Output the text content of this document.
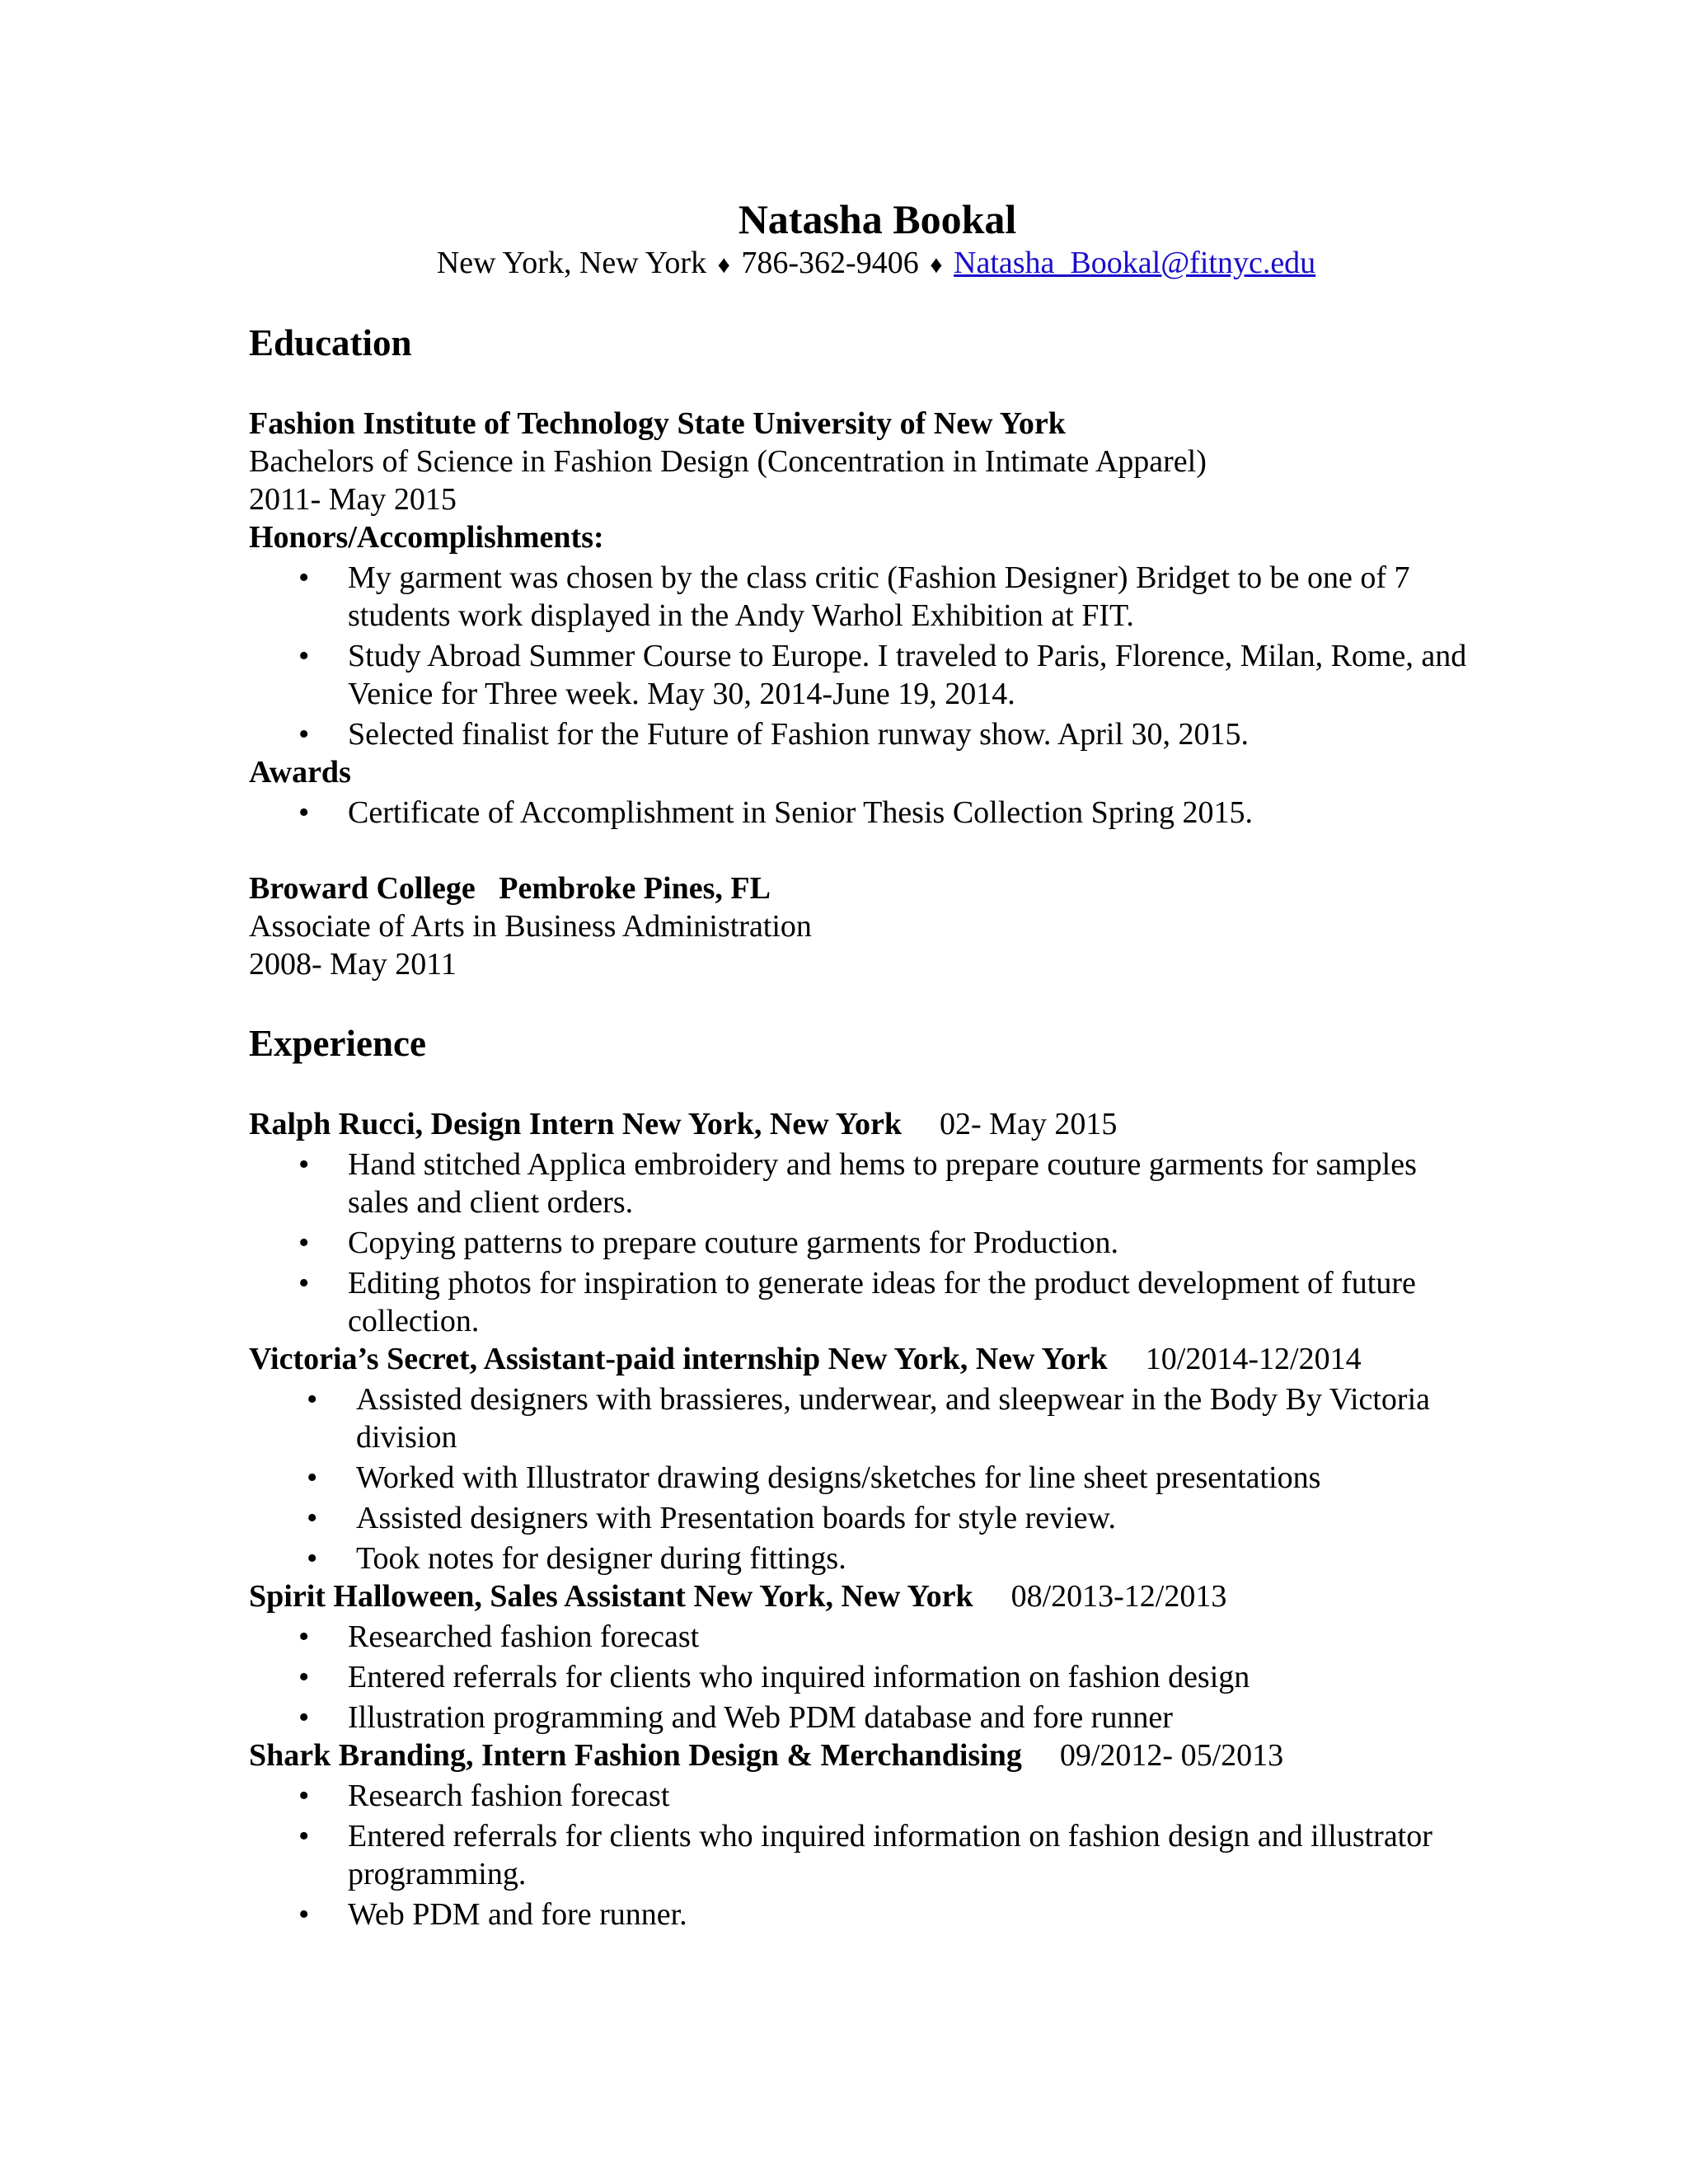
Natasha Bookal

New York, New York ♦ 786-362-9406 ♦ Natasha_Bookal@fitnyc.edu

Education

Fashion Institute of Technology State University of New York

Bachelors of Science in Fashion Design (Concentration in Intimate Apparel)

2011- May 2015

Honors/Accomplishments:

• My garment was chosen by the class critic (Fashion Designer) Bridget to be one of 7 students work displayed in the Andy Warhol Exhibition at FIT.
• Study Abroad Summer Course to Europe. I traveled to Paris, Florence, Milan, Rome, and Venice for Three week. May 30, 2014-June 19, 2014.
• Selected finalist for the Future of Fashion runway show. April 30, 2015.

Awards

• Certificate of Accomplishment in Senior Thesis Collection Spring 2015.

Broward College   Pembroke Pines, FL

Associate of Arts in Business Administration

2008- May 2011

Experience

Ralph Rucci, Design Intern New York, New York 02- May 2015

• Hand stitched Applica embroidery and hems to prepare couture garments for samples sales and client orders.
• Copying patterns to prepare couture garments for Production.
• Editing photos for inspiration to generate ideas for the product development of future collection.

Victoria’s Secret, Assistant-paid internship New York, New York 10/2014-12/2014

• Assisted designers with brassieres, underwear, and sleepwear in the Body By Victoria division
• Worked with Illustrator drawing designs/sketches for line sheet presentations
• Assisted designers with Presentation boards for style review.
• Took notes for designer during fittings.

Spirit Halloween, Sales Assistant New York, New York 08/2013-12/2013

• Researched fashion forecast
• Entered referrals for clients who inquired information on fashion design
• Illustration programming and Web PDM database and fore runner

Shark Branding, Intern Fashion Design & Merchandising 09/2012- 05/2013

• Research fashion forecast
• Entered referrals for clients who inquired information on fashion design and illustrator programming.
• Web PDM and fore runner.
